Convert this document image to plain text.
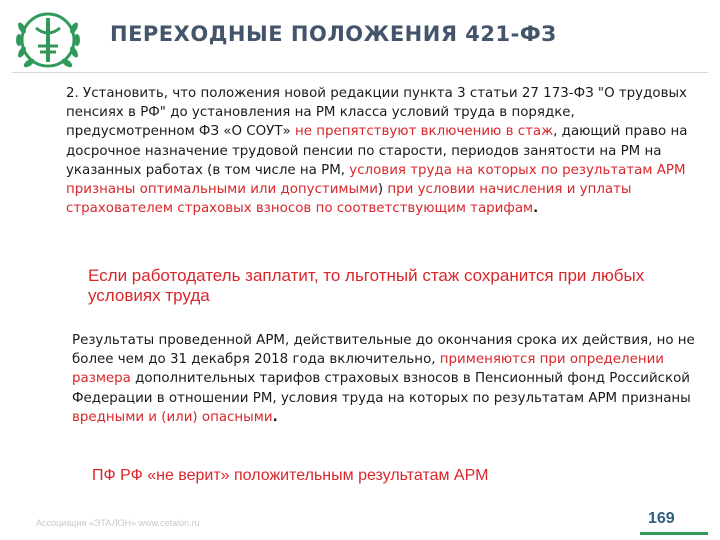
ПЕРЕХОДНЫЕ ПОЛОЖЕНИЯ 421-ФЗ
2. Установить, что положения новой редакции пункта 3 статьи 27 173-ФЗ "О трудовых пенсиях в РФ" до установления на РМ класса условий труда в порядке, предусмотренном ФЗ «О СОУТ» не препятствуют включению в стаж, дающий право на досрочное назначение трудовой пенсии по старости, периодов занятости на РМ на указанных работах (в том числе на РМ, условия труда на которых по результатам АРМ признаны оптимальными или допустимыми) при условии начисления и уплаты страхователем страховых взносов по соответствующим тарифам.
Если работодатель заплатит, то льготный стаж сохранится при любых условиях труда
Результаты проведенной АРМ, действительные до окончания срока их действия, но не более чем до 31 декабря 2018 года включительно, применяются при определении размера дополнительных тарифов страховых взносов в Пенсионный фонд Российской Федерации в отношении РМ, условия труда на которых по результатам АРМ признаны вредными и (или) опасными.
ПФ РФ «не верит» положительным результатам АРМ
Ассоциация «ЭТАЛОН» www.cetalon.ru	169
